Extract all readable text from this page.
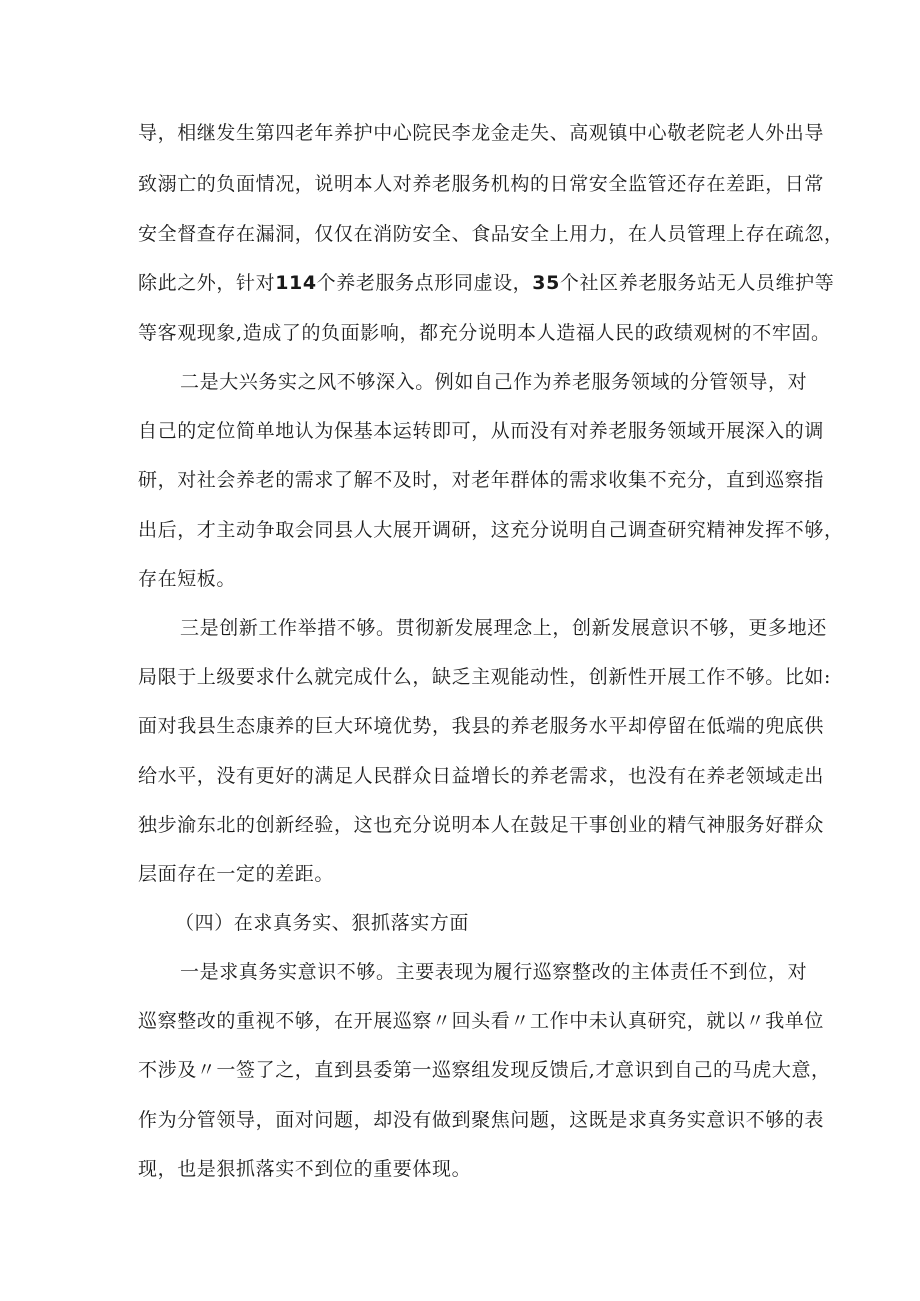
导，相继发生第四老年养护中心院民李龙金走失、高观镇中心敬老院老人外出导
致溺亡的负面情况，说明本人对养老服务机构的日常安全监管还存在差距，日常
安全督查存在漏洞，仅仅在消防安全、食品安全上用力，在人员管理上存在疏忽，
除此之外，针对114个养老服务点形同虚设，35个社区养老服务站无人员维护等
等客观现象,造成了的负面影响，都充分说明本人造福人民的政绩观树的不牢固。
二是大兴务实之风不够深入。例如自己作为养老服务领域的分管领导，对
自己的定位简单地认为保基本运转即可，从而没有对养老服务领域开展深入的调
研，对社会养老的需求了解不及时，对老年群体的需求收集不充分，直到巡察指
出后，才主动争取会同县人大展开调研，这充分说明自己调查研究精神发挥不够，
存在短板。
三是创新工作举措不够。贯彻新发展理念上，创新发展意识不够，更多地还
局限于上级要求什么就完成什么，缺乏主观能动性，创新性开展工作不够。比如:
面对我县生态康养的巨大环境优势，我县的养老服务水平却停留在低端的兜底供
给水平，没有更好的满足人民群众日益增长的养老需求，也没有在养老领域走出
独步渝东北的创新经验，这也充分说明本人在鼓足干事创业的精气神服务好群众
层面存在一定的差距。
（四）在求真务实、狠抓落实方面
一是求真务实意识不够。主要表现为履行巡察整改的主体责任不到位，对
巡察整改的重视不够，在开展巡察〃回头看〃工作中未认真研究，就以〃我单位
不涉及〃一签了之，直到县委第一巡察组发现反馈后,才意识到自己的马虎大意，
作为分管领导，面对问题，却没有做到聚焦问题，这既是求真务实意识不够的表
现，也是狠抓落实不到位的重要体现。
